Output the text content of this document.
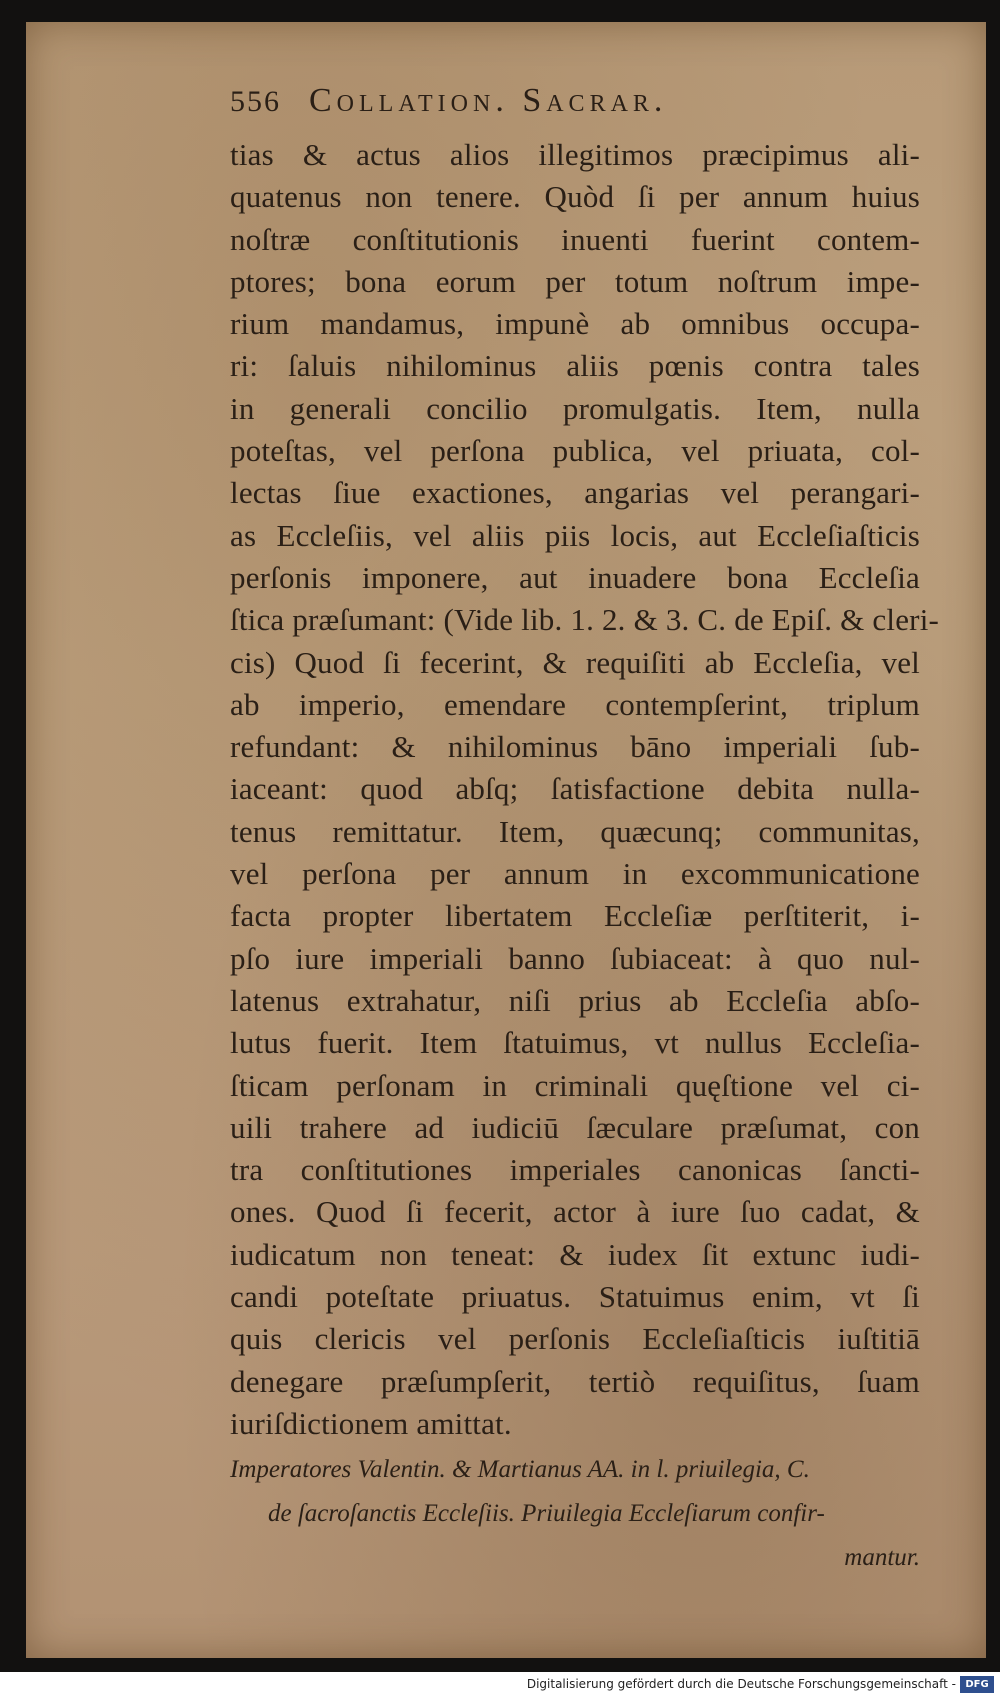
556 Collation. Sacrar.
tias & actus alios illegitimos præcipimus ali-
quatenus non tenere. Quòd ſi per annum huius
noſtræ conſtitutionis inuenti fuerint contem-
ptores; bona eorum per totum noſtrum impe-
rium mandamus, impunè ab omnibus occupa-
ri: ſaluis nihilominus aliis pœnis contra tales
in generali concilio promulgatis. Item, nulla
poteſtas, vel perſona publica, vel priuata, col-
lectas ſiue exactiones, angarias vel perangari-
as Eccleſiis, vel aliis piis locis, aut Eccleſiaſticis
perſonis imponere, aut inuadere bona Eccleſia
ſtica præſumant: (Vide lib. 1. 2. & 3. C. de Epiſ. & cleri-
cis) Quod ſi fecerint, & requiſiti ab Eccleſia, vel
ab imperio, emendare contempſerint, triplum
refundant: & nihilominus bāno imperiali ſub-
iaceant: quod abſq; ſatisfactione debita nulla-
tenus remittatur. Item, quæcunq; communitas,
vel perſona per annum in excommunicatione
facta propter libertatem Eccleſiæ perſtiterit, i-
pſo iure imperiali banno ſubiaceat: à quo nul-
latenus extrahatur, niſi prius ab Eccleſia abſo-
lutus fuerit. Item ſtatuimus, vt nullus Eccleſia-
ſticam perſonam in criminali quęſtione vel ci-
uili trahere ad iudiciū ſæculare præſumat, con
tra conſtitutiones imperiales canonicas ſancti-
ones. Quod ſi fecerit, actor à iure ſuo cadat, &
iudicatum non teneat: & iudex ſit extunc iudi-
candi poteſtate priuatus. Statuimus enim, vt ſi
quis clericis vel perſonis Eccleſiaſticis iuſtitiā
denegare præſumpſerit, tertiò requiſitus, ſuam
iuriſdictionem amittat.
Imperatores Valentin. & Martianus AA. in l. priuilegia, C.
de ſacroſanctis Eccleſiis. Priuilegia Eccleſiarum confir-
mantur.
Digitalisierung gefördert durch die Deutsche Forschungsgemeinschaft - DFG
